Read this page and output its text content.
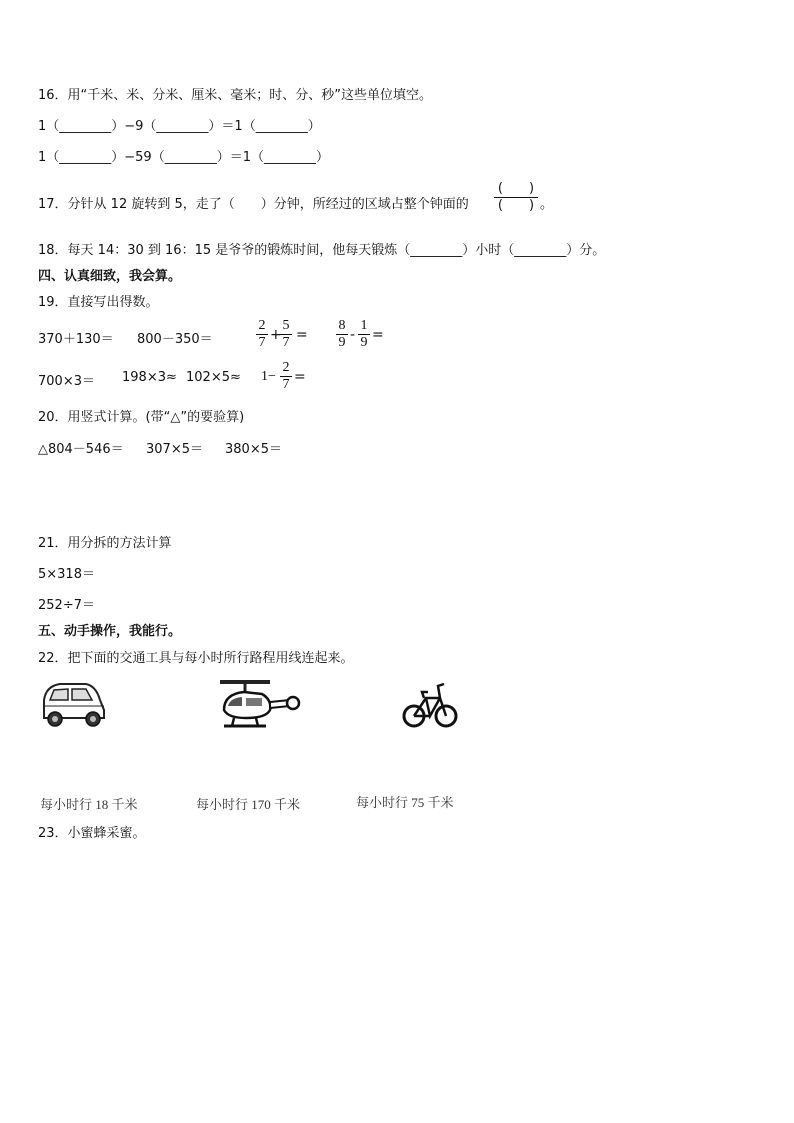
16．用“千米、米、分米、厘米、毫米；时、分、秒”这些单位填空。
1（________）−9（________）＝1（________）
1（________）−59（________）＝1（________）
17．分针从 12 旋转到 5，走了（　　）分钟，所经过的区域占整个钟面的
(　　)
(　　) 。
18．每天 14：30 到 16：15 是爷爷的锻炼时间，他每天锻炼（________）小时（________）分。
四、认真细致，我会算。
19．直接写出得数。
370＋130＝ 800－350＝
2
7 +
5
7 =
8
9 -
1
9 =
700×3＝ 198×3≈ 102×5≈ 1−
2
7 =
20．用竖式计算。(带“△”的要验算)
△804－546＝ 307×5＝ 380×5＝
21．用分拆的方法计算
5×318＝
252÷7＝
五、动手操作，我能行。
22．把下面的交通工具与每小时所行路程用线连起来。
每小时行 18 千米	每小时行 170 千米	每小时行 75 千米
23．小蜜蜂采蜜。
